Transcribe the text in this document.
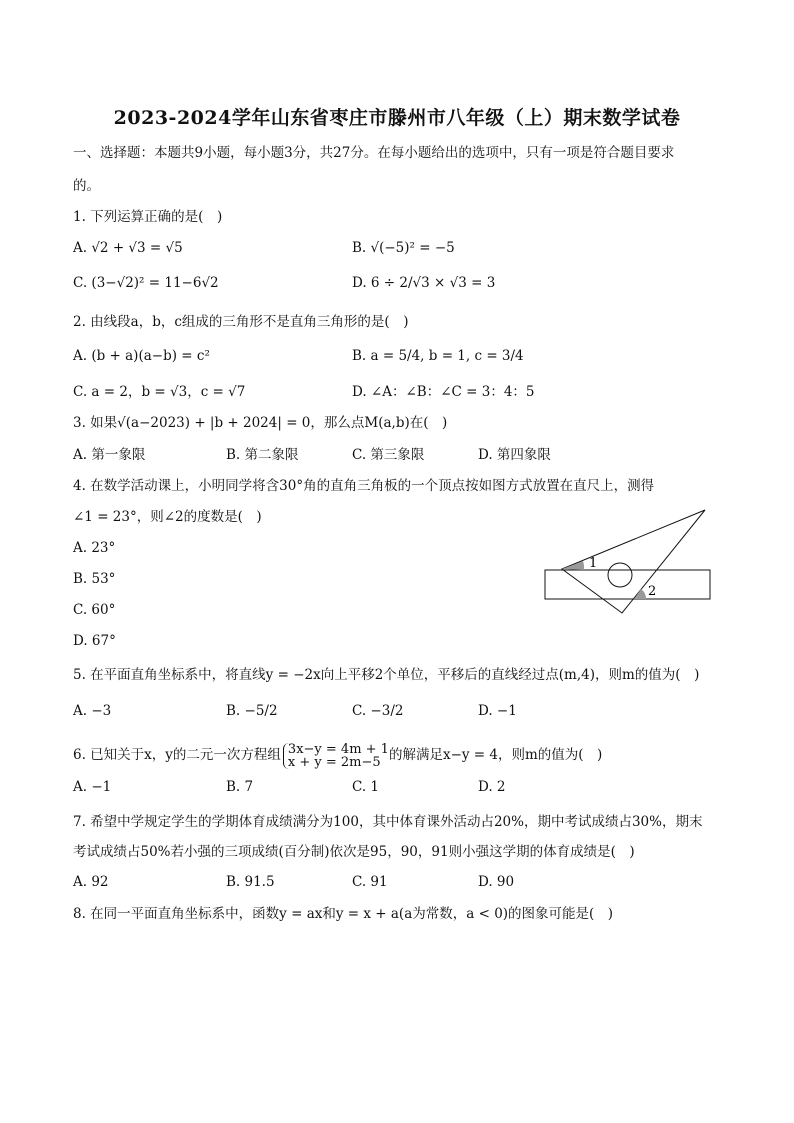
2023-2024学年山东省枣庄市滕州市八年级（上）期末数学试卷
一、选择题：本题共9小题，每小题3分，共27分。在每小题给出的选项中，只有一项是符合题目要求
的。
1. 下列运算正确的是(　)
A. √2 + √3 = √5	B. √(−5)² = −5
C. (3−√2)² = 11−6√2	D. 6 ÷ 2/√3 × √3 = 3
2. 由线段a，b，c组成的三角形不是直角三角形的是(　)
A. (b + a)(a−b) = c²	B. a = 5/4, b = 1, c = 3/4
C. a = 2，b = √3，c = √7	D. ∠A：∠B：∠C = 3：4：5
3. 如果√(a−2023) + |b + 2024| = 0，那么点M(a,b)在(　)
A. 第一象限	B. 第二象限	C. 第三象限	D. 第四象限
4. 在数学活动课上，小明同学将含30°角的直角三角板的一个顶点按如图方式放置在直尺上，测得
∠1 = 23°，则∠2的度数是(　)
A. 23°
B. 53°
C. 60°
D. 67°
1
2
5. 在平面直角坐标系中，将直线y = −2x向上平移2个单位，平移后的直线经过点(m,4)，则m的值为(　)
A. −3	B. −5/2	C. −3/2	D. −1
6. 已知关于x，y的二元一次方程组 3x−y = 4m + 1
x + y = 2m−5 的解满足x−y = 4，则m的值为(　)
A. −1	B. 7	C. 1	D. 2
7. 希望中学规定学生的学期体育成绩满分为100，其中体育课外活动占20%，期中考试成绩占30%，期末
考试成绩占50%若小强的三项成绩(百分制)依次是95，90，91则小强这学期的体育成绩是(　)
A. 92	B. 91.5	C. 91	D. 90
8. 在同一平面直角坐标系中，函数y = ax和y = x + a(a为常数，a < 0)的图象可能是(　)
